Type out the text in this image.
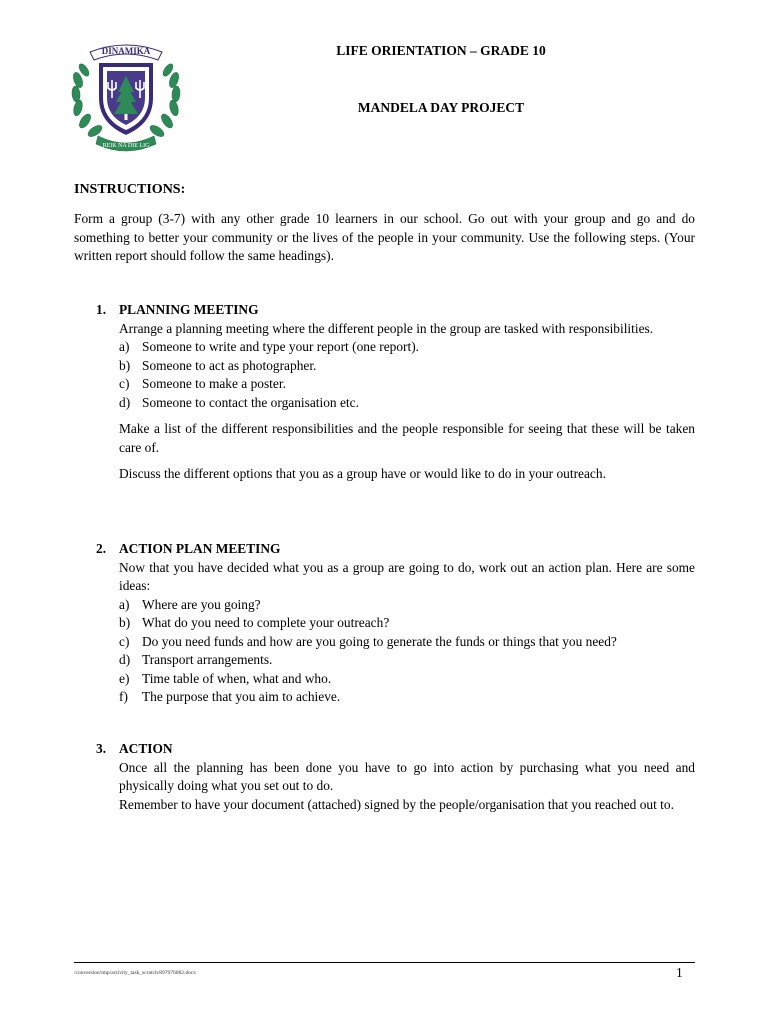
DINAMIKA
REIK NA DIE LIG
LIFE ORIENTATION – GRADE 10
MANDELA DAY PROJECT
INSTRUCTIONS:
Form a group (3-7) with any other grade 10 learners in our school. Go out with your group and go and do something to better your community or the lives of the people in your community. Use the following steps. (Your written report should follow the same headings).
1. PLANNING MEETING

Arrange a planning meeting where the different people in the group are tasked with responsibilities.

a) Someone to write and type your report (one report).
b) Someone to act as photographer.
c) Someone to make a poster.
d) Someone to contact the organisation etc.

Make a list of the different responsibilities and the people responsible for seeing that these will be taken care of.

Discuss the different options that you as a group have or would like to do in your outreach.

2. ACTION PLAN MEETING

Now that you have decided what you as a group are going to do, work out an action plan. Here are some ideas:

a) Where are you going?
b) What do you need to complete your outreach?
c) Do you need funds and how are you going to generate the funds or things that you need?
d) Transport arrangements.
e) Time table of when, what and who.
f)	The purpose that you aim to achieve.
3. ACTION

Once all the planning has been done you have to go into action by purchasing what you need and physically doing what you set out to do.

Remember to have your document (attached) signed by the people/organisation that you reached out to.

/conversion/tmp/activity_task_scratch/897976082.docx	1
